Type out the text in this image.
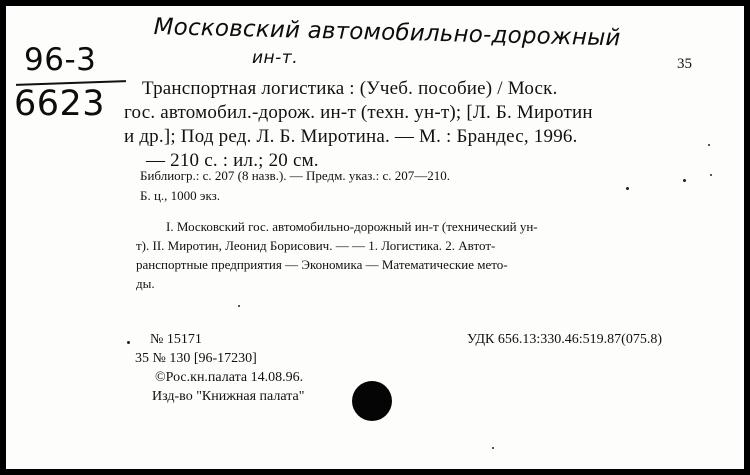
Московский автомобильно-дорожный
ин-т.
96-3
6623
35
Транспортная логистика : (Учеб. пособие) / Моск.
гос. автомобил.-дорож. ин-т (техн. ун-т); [Л. Б. Миротин
и др.]; Под ред. Л. Б. Миротина. — М. : Брандес, 1996.
— 210 с. : ил.; 20 см.
Библиогр.: с. 207 (8 назв.). — Предм. указ.: с. 207—210.
Б. ц., 1000 экз.
I. Московский гос. автомобильно-дорожный ин-т (технический ун-
т). II. Миротин, Леонид Борисович. — — 1. Логистика. 2. Автот-
ранспортные предприятия — Экономика — Математические мето-
ды.
№ 15171	УДК 656.13:330.46:519.87(075.8)
35 № 130 [96-17230]
©Рос.кн.палата 14.08.96.
Изд-во "Книжная палата"
